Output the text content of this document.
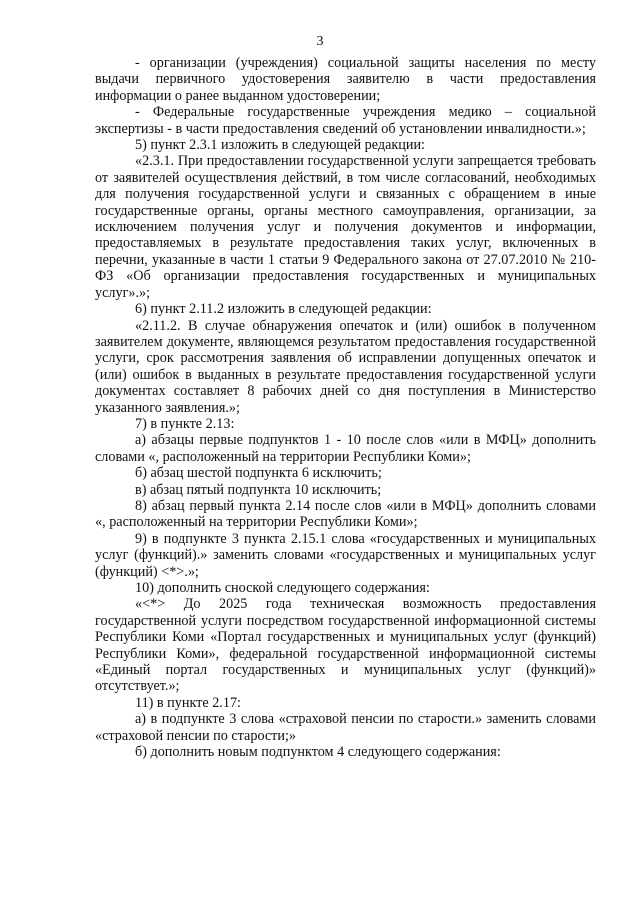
3

- организации (учреждения) социальной защиты населения по месту выдачи первичного удостоверения заявителю в части предоставления информации о ранее выданном удостоверении;

- Федеральные государственные учреждения медико – социальной экспертизы - в части предоставления сведений об установлении инвалидности.»;

5) пункт 2.3.1 изложить в следующей редакции:

«2.3.1. При предоставлении государственной услуги запрещается требовать от заявителей осуществления действий, в том числе согласований, необходимых для получения государственной услуги и связанных с обращением в иные государственные органы, органы местного самоуправления, организации, за исключением получения услуг и получения документов и информации, предоставляемых в результате предоставления таких услуг, включенных в перечни, указанные в части 1 статьи 9 Федерального закона от 27.07.2010 № 210-ФЗ «Об организации предоставления государственных и муниципальных услуг».»;

6) пункт 2.11.2 изложить в следующей редакции:

«2.11.2. В случае обнаружения опечаток и (или) ошибок в полученном заявителем документе, являющемся результатом предоставления государственной услуги, срок рассмотрения заявления об исправлении допущенных опечаток и (или) ошибок в выданных в результате предоставления государственной услуги документах составляет 8 рабочих дней со дня поступления в Министерство указанного заявления.»;

7) в пункте 2.13:

а) абзацы первые подпунктов 1 - 10 после слов «или в МФЦ» дополнить словами «, расположенный на территории Республики Коми»;

б) абзац шестой подпункта 6 исключить;

в) абзац пятый подпункта 10 исключить;

8) абзац первый пункта 2.14 после слов «или в МФЦ» дополнить словами «, расположенный на территории Республики Коми»;

9) в подпункте 3 пункта 2.15.1 слова «государственных и муниципальных услуг (функций).» заменить словами «государственных и муниципальных услуг (функций) <*>.»;

10) дополнить сноской следующего содержания:

«<*> До 2025 года техническая возможность предоставления государственной услуги посредством государственной информационной системы Республики Коми «Портал государственных и муниципальных услуг (функций) Республики Коми», федеральной государственной информационной системы «Единый портал государственных и муниципальных услуг (функций)» отсутствует.»;

11) в пункте 2.17:

а) в подпункте 3 слова «страховой пенсии по старости.» заменить словами «страховой пенсии по старости;»

б) дополнить новым подпунктом 4 следующего содержания:
